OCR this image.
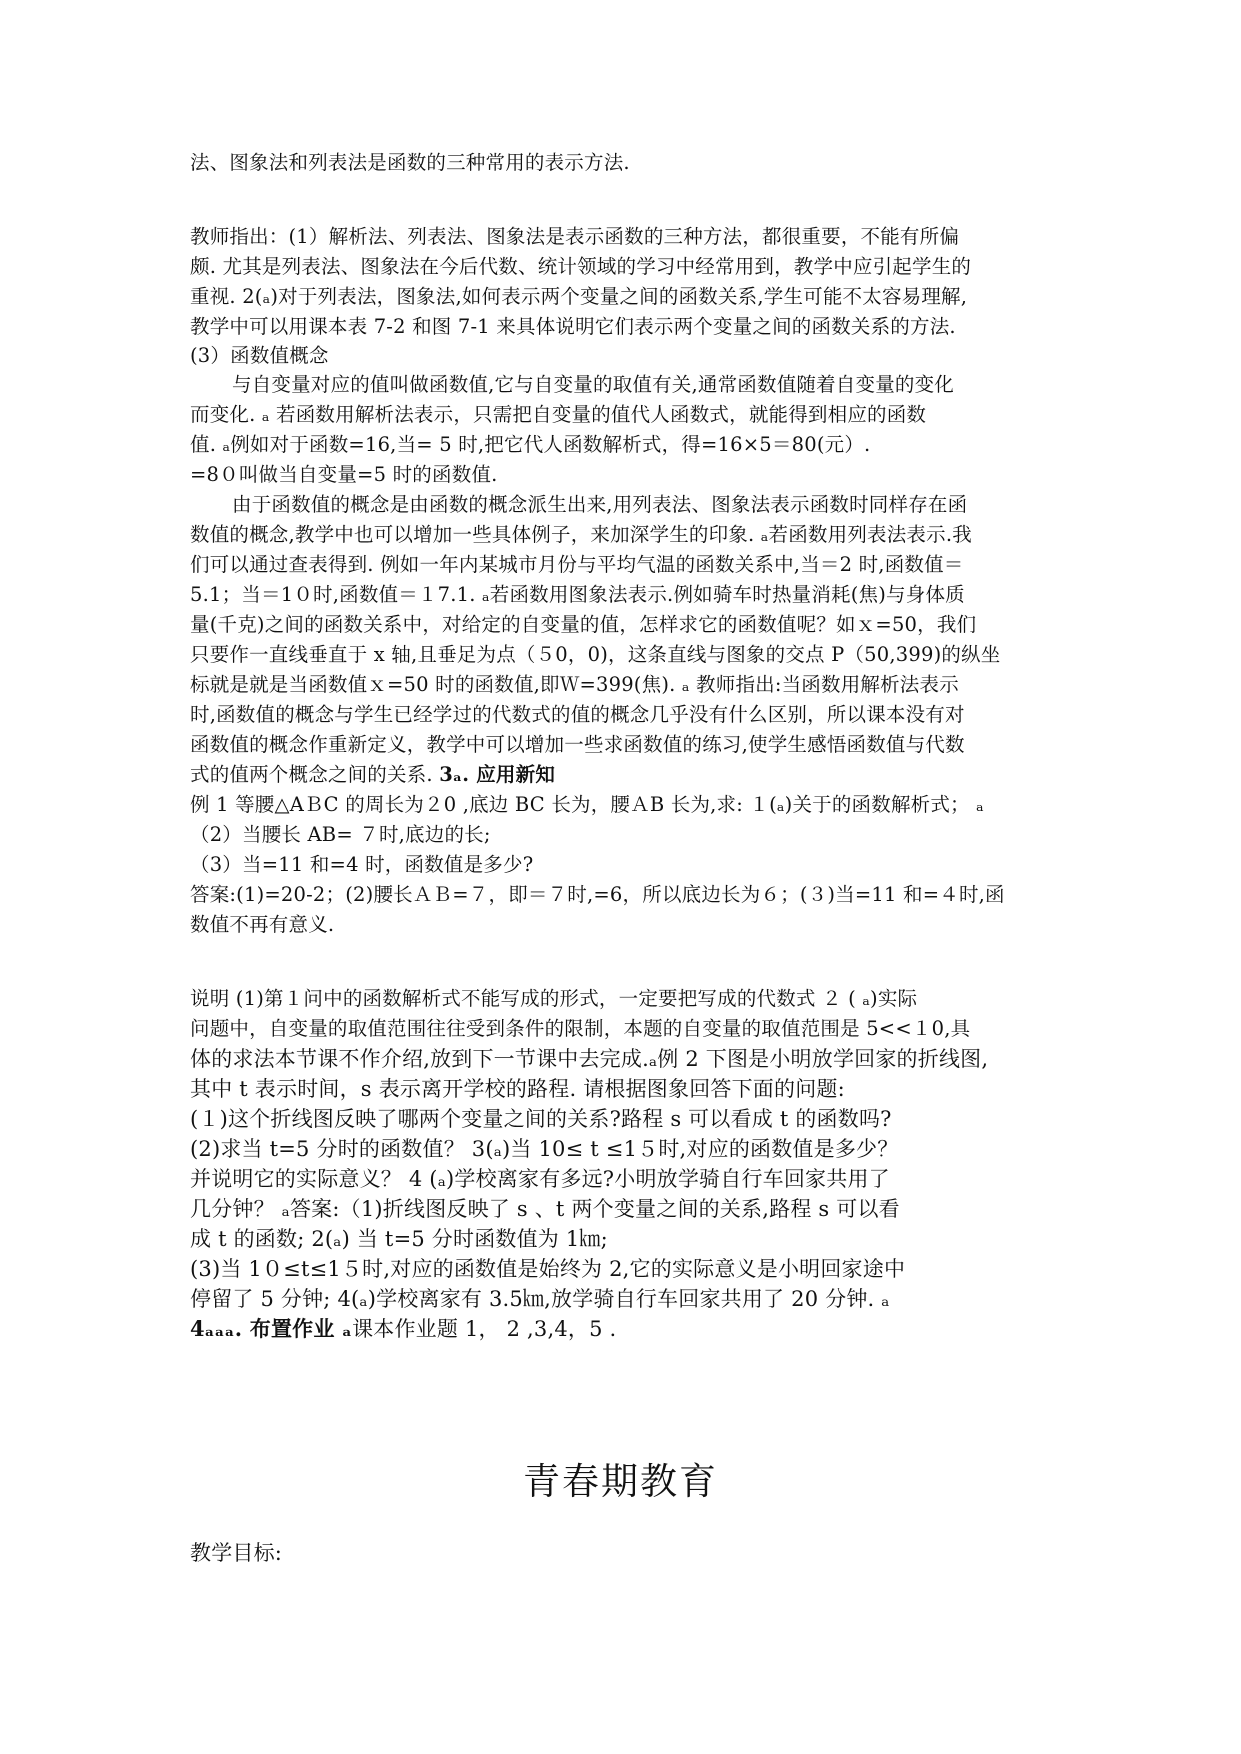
法、图象法和列表法是函数的三种常用的表示方法.
教师指出：(1）解析法、列表法、图象法是表示函数的三种方法，都很重要，不能有所偏
颇. 尤其是列表法、图象法在今后代数、统计领域的学习中经常用到，教学中应引起学生的
重视. 2(ₐ)对于列表法，图象法,如何表示两个变量之间的函数关系,学生可能不太容易理解,
教学中可以用课本表 7-2 和图 7-1 来具体说明它们表示两个变量之间的函数关系的方法.
(3）函数值概念
与自变量对应的值叫做函数值,它与自变量的取值有关,通常函数值随着自变量的变化
而变化. ₐ 若函数用解析法表示，只需把自变量的值代人函数式，就能得到相应的函数
值. ₐ例如对于函数=16,当= 5 时,把它代人函数解析式，得=16×5＝80(元）.
=8０叫做当自变量=5 时的函数值.
由于函数值的概念是由函数的概念派生出来,用列表法、图象法表示函数时同样存在函
数值的概念,教学中也可以增加一些具体例子，来加深学生的印象. ₐ若函数用列表法表示.我
们可以通过查表得到. 例如一年内某城市月份与平均气温的函数关系中,当＝2 时,函数值＝
5.1；当＝1０时,函数值＝１7.1. ₐ若函数用图象法表示.例如骑车时热量消耗(焦)与身体质
量(千克)之间的函数关系中，对给定的自变量的值，怎样求它的函数值呢？如ｘ=50，我们
只要作一直线垂直于 x 轴,且垂足为点（５0，0)，这条直线与图象的交点 P（50,399)的纵坐
标就是就是当函数值ｘ=50 时的函数值,即Ｗ=399(焦). ₐ 教师指出:当函数用解析法表示
时,函数值的概念与学生已经学过的代数式的值的概念几乎没有什么区别，所以课本没有对
函数值的概念作重新定义，教学中可以增加一些求函数值的练习,使学生感悟函数值与代数
式的值两个概念之间的关系. 3ₐ. 应用新知
例 1 等腰△AＢC 的周长为２0 ,底边 BC 长为，腰ＡB 长为,求: １(ₐ)关于的函数解析式； ₐ
（2）当腰长 AB= ７时,底边的长;
（3）当=11 和=4 时，函数值是多少?
答案:(1)=20-2；(2)腰长ＡＢ=７，即＝７时,=6，所以底边长为６；(３)当=11 和=４时,函
数值不再有意义.
说明 (1)第１问中的函数解析式不能写成的形式，一定要把写成的代数式 ２ ( ₐ)实际
问题中，自变量的取值范围往往受到条件的限制，本题的自变量的取值范围是 5<<１0,具
体的求法本节课不作介绍,放到下一节课中去完成.ₐ例 2 下图是小明放学回家的折线图,
其中 t 表示时间，s 表示离开学校的路程. 请根据图象回答下面的问题:
(１)这个折线图反映了哪两个变量之间的关系?路程 s 可以看成 t 的函数吗?
(2)求当 t=5 分时的函数值？ 3(ₐ)当 10≤ t ≤1５时,对应的函数值是多少？
并说明它的实际意义？ 4 (ₐ)学校离家有多远?小明放学骑自行车回家共用了
几分钟？ ₐ答案:（1)折线图反映了 s 、t 两个变量之间的关系,路程 s 可以看
成 t 的函数; 2(ₐ) 当 t=5 分时函数值为 1㎞;
(3)当 1０≤t≤1５时,对应的函数值是始终为 2,它的实际意义是小明回家途中
停留了 5 分钟; 4(ₐ)学校离家有 3.5㎞,放学骑自行车回家共用了 20 分钟. ₐ
4ₐₐₐ. 布置作业 ₐ课本作业题 1， 2 ,3,4，5 .
青春期教育
教学目标:
